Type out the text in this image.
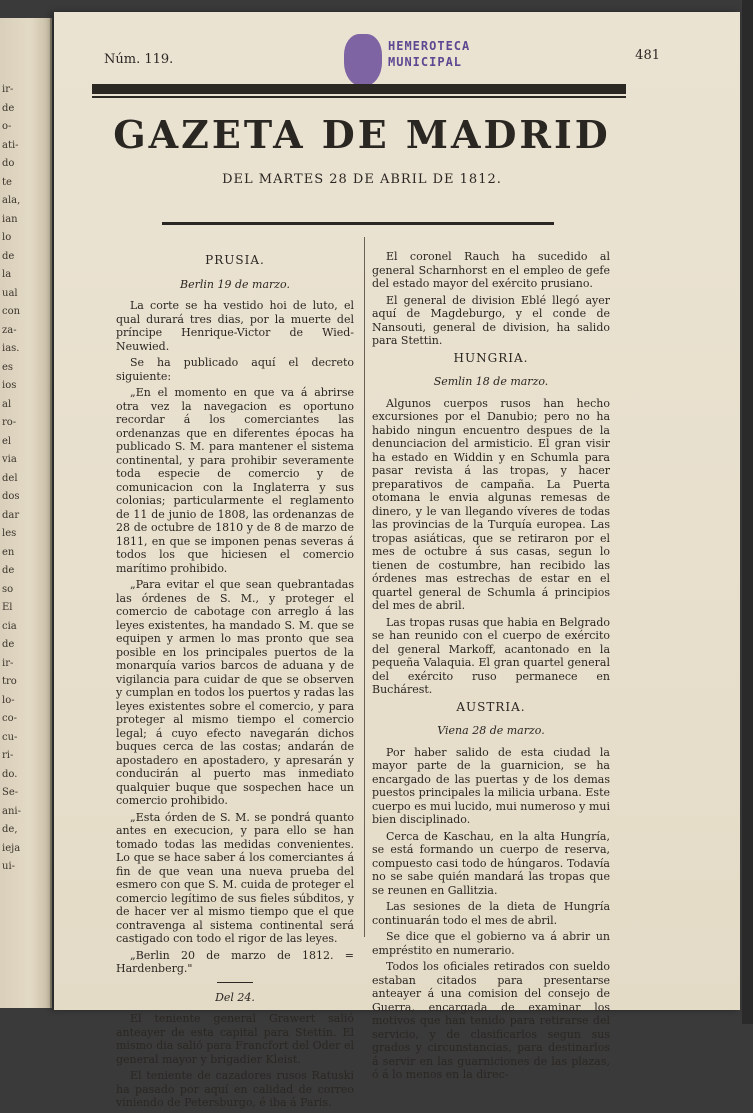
ir-
de
o-
ati-
do
te
ala,
ian
lo
de
la
ual
con
za-
ias.
es
ios
al
ro-
el
via
del
dos
dar
les
en
de
so
El
cia
de
ir-
tro
lo-
co-
cu-
ri-
do.
Se-
ani-
de,
ieja
ui-
Núm. 119.	481
HEMEROTECA
MUNICIPAL
GAZETA DE MADRID
DEL MARTES 28 DE ABRIL DE 1812.
PRUSIA.
Berlin 19 de marzo.

La corte se ha vestido hoi de luto, el qual durará tres dias, por la muerte del príncipe Henrique-Victor de Wied-Neuwied.

Se ha publicado aquí el decreto siguiente:

„En el momento en que va á abrirse otra vez la navegacion es oportuno recordar á los comerciantes las ordenanzas que en diferentes épocas ha publicado S. M. para mantener el sistema continental, y para prohibir severamente toda especie de comercio y de comunicacion con la Inglaterra y sus colonias; particularmente el reglamento de 11 de junio de 1808, las ordenanzas de 28 de octubre de 1810 y de 8 de marzo de 1811, en que se imponen penas severas á todos los que hiciesen el comercio marítimo prohibido.

„Para evitar el que sean quebrantadas las órdenes de S. M., y proteger el comercio de cabotage con arreglo á las leyes existentes, ha mandado S. M. que se equipen y armen lo mas pronto que sea posible en los principales puertos de la monarquía varios barcos de aduana y de vigilancia para cuidar de que se observen y cumplan en todos los puertos y radas las leyes existentes sobre el comercio, y para proteger al mismo tiempo el comercio legal; á cuyo efecto navegarán dichos buques cerca de las costas; andarán de apostadero en apostadero, y apresarán y conducirán al puerto mas inmediato qualquier buque que sospechen hace un comercio prohibido.

„Esta órden de S. M. se pondrá quanto antes en execucion, y para ello se han tomado todas las medidas convenientes. Lo que se hace saber á los comerciantes á fin de que vean una nueva prueba del esmero con que S. M. cuida de proteger el comercio legítimo de sus fieles súbditos, y de hacer ver al mismo tiempo que el que contravenga al sistema continental será castigado con todo el rigor de las leyes.

„Berlin 20 de marzo de 1812. = Hardenberg."

Del 24.

El teniente general Grawert salió anteayer de esta capital para Stettin. El mismo dia salió para Francfort del Oder el general mayor y brigadier Kleist.

El teniente de cazadores rusos Ratuski ha pasado por aquí en calidad de correo viniendo de Petersburgo, é iba á Paris.

El coronel Rauch ha sucedido al general Scharnhorst en el empleo de gefe del estado mayor del exército prusiano.

El general de division Eblé llegó ayer aquí de Magdeburgo, y el conde de Nansouti, general de division, ha salido para Stettin.

HUNGRIA.
Semlin 18 de marzo.

Algunos cuerpos rusos han hecho excursiones por el Danubio; pero no ha habido ningun encuentro despues de la denunciacion del armisticio. El gran visir ha estado en Widdin y en Schumla para pasar revista á las tropas, y hacer preparativos de campaña. La Puerta otomana le envia algunas remesas de dinero, y le van llegando víveres de todas las provincias de la Turquía europea. Las tropas asiáticas, que se retiraron por el mes de octubre á sus casas, segun lo tienen de costumbre, han recibido las órdenes mas estrechas de estar en el quartel general de Schumla á principios del mes de abril.

Las tropas rusas que habia en Belgrado se han reunido con el cuerpo de exército del general Markoff, acantonado en la pequeña Valaquia. El gran quartel general del exército ruso permanece en Buchárest.

AUSTRIA.
Viena 28 de marzo.

Por haber salido de esta ciudad la mayor parte de la guarnicion, se ha encargado de las puertas y de los demas puestos principales la milicia urbana. Este cuerpo es mui lucido, mui numeroso y mui bien disciplinado.

Cerca de Kaschau, en la alta Hungría, se está formando un cuerpo de reserva, compuesto casi todo de húngaros. Todavía no se sabe quién mandará las tropas que se reunen en Gallitzia.

Las sesiones de la dieta de Hungría continuarán todo el mes de abril.

Se dice que el gobierno va á abrir un empréstito en numerario.

Todos los oficiales retirados con sueldo estaban citados para presentarse anteayer á una comision del consejo de Guerra, encargada de examinar los motivos que han tenido para retirarse del servicio, y de clasificarlos segun sus grados y circunstancias, para destinarlos á servir en las guarniciones de las plazas, ó á lo menos en la direc-
